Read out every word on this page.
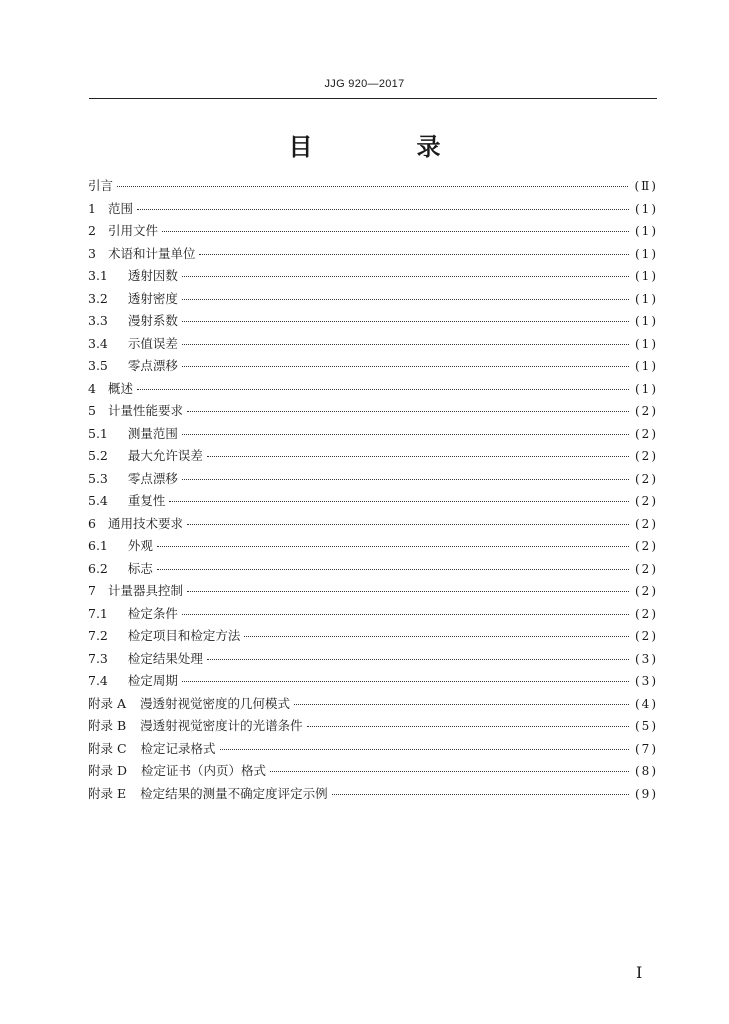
JJG 920—2017
目　录
引言	(Ⅱ)
1 范围	(1)
2 引用文件	(1)
3 术语和计量单位	(1)
3.1 透射因数	(1)
3.2 透射密度	(1)
3.3 漫射系数	(1)
3.4 示值误差	(1)
3.5 零点漂移	(1)
4 概述	(1)
5 计量性能要求	(2)
5.1 测量范围	(2)
5.2 最大允许误差	(2)
5.3 零点漂移	(2)
5.4 重复性	(2)
6 通用技术要求	(2)
6.1 外观	(2)
6.2 标志	(2)
7 计量器具控制	(2)
7.1 检定条件	(2)
7.2 检定项目和检定方法	(2)
7.3 检定结果处理	(3)
7.4 检定周期	(3)
附录 A 漫透射视觉密度的几何模式	(4)
附录 B 漫透射视觉密度计的光谱条件	(5)
附录 C 检定记录格式	(7)
附录 D 检定证书（内页）格式	(8)
附录 E 检定结果的测量不确定度评定示例	(9)
I
